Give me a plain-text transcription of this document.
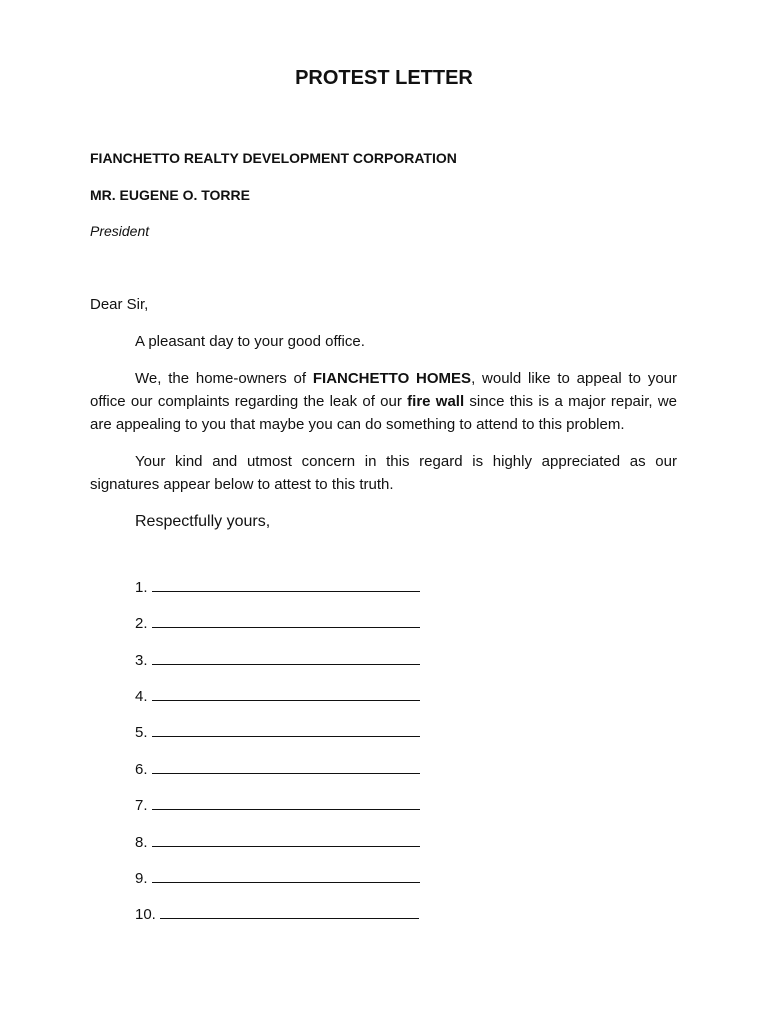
PROTEST LETTER
FIANCHETTO REALTY DEVELOPMENT CORPORATION
MR. EUGENE O. TORRE
President
Dear Sir,
A pleasant day to your good office.
We, the home-owners of FIANCHETTO HOMES, would like to appeal to your office our complaints regarding the leak of our fire wall since this is a major repair, we are appealing to you that maybe you can do something to attend to this problem.
Your kind and utmost concern in this regard is highly appreciated as our signatures appear below to attest to this truth.
Respectfully yours,
1.
2.
3.
4.
5.
6.
7.
8.
9.
10.
